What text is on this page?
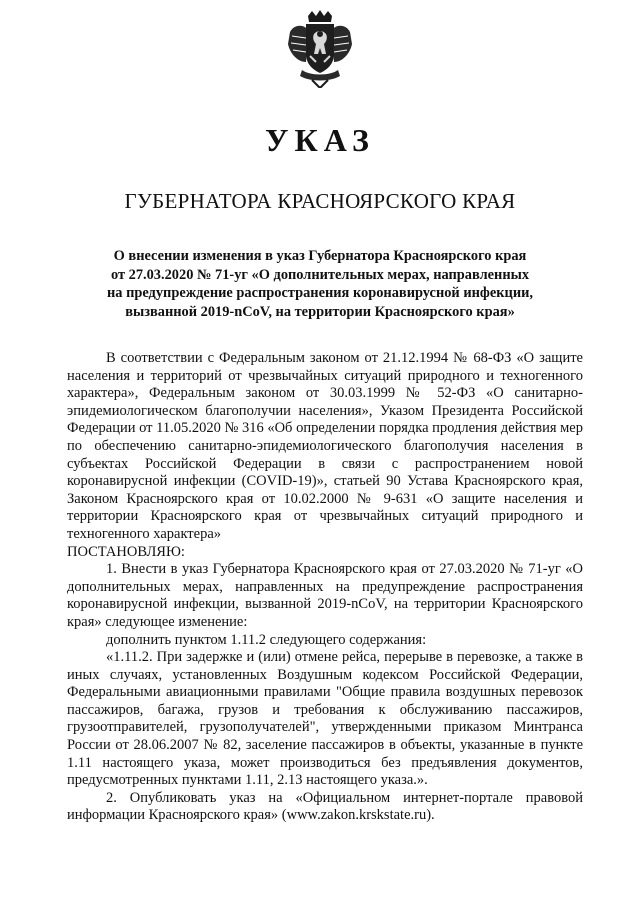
УКАЗ
ГУБЕРНАТОРА КРАСНОЯРСКОГО КРАЯ
О внесении изменения в указ Губернатора Красноярского края
от 27.03.2020 № 71-уг «О дополнительных мерах, направленных
на предупреждение распространения коронавирусной инфекции,
вызванной 2019-nCoV, на территории Красноярского края»

В соответствии с Федеральным законом от 21.12.1994 № 68-ФЗ «О защите населения и территорий от чрезвычайных ситуаций природного и техногенного характера», Федеральным законом от 30.03.1999 № 52-ФЗ «О санитарно-эпидемиологическом благополучии населения», Указом Президента Российской Федерации от 11.05.2020 № 316 «Об определении порядка продления действия мер по обеспечению санитарно-эпидемиологического благополучия населения в субъектах Российской Федерации в связи с распространением новой коронавирусной инфекции (COVID-19)», статьей 90 Устава Красноярского края, Законом Красноярского края от 10.02.2000 № 9-631 «О защите населения и территории Красноярского края от чрезвычайных ситуаций природного и техногенного характера»

ПОСТАНОВЛЯЮ:

1. Внести в указ Губернатора Красноярского края от 27.03.2020 № 71-уг «О дополнительных мерах, направленных на предупреждение распространения коронавирусной инфекции, вызванной 2019-nCoV, на территории Красноярского края» следующее изменение:

дополнить пунктом 1.11.2 следующего содержания:

«1.11.2. При задержке и (или) отмене рейса, перерыве в перевозке, а также в иных случаях, установленных Воздушным кодексом Российской Федерации, Федеральными авиационными правилами "Общие правила воздушных перевозок пассажиров, багажа, грузов и требования к обслуживанию пассажиров, грузоотправителей, грузополучателей", утвержденными приказом Минтранса России от 28.06.2007 № 82, заселение пассажиров в объекты, указанные в пункте 1.11 настоящего указа, может производиться без предъявления документов, предусмотренных пунктами 1.11, 2.13 настоящего указа.».

2. Опубликовать указ на «Официальном интернет-портале правовой информации Красноярского края» (www.zakon.krskstate.ru).
